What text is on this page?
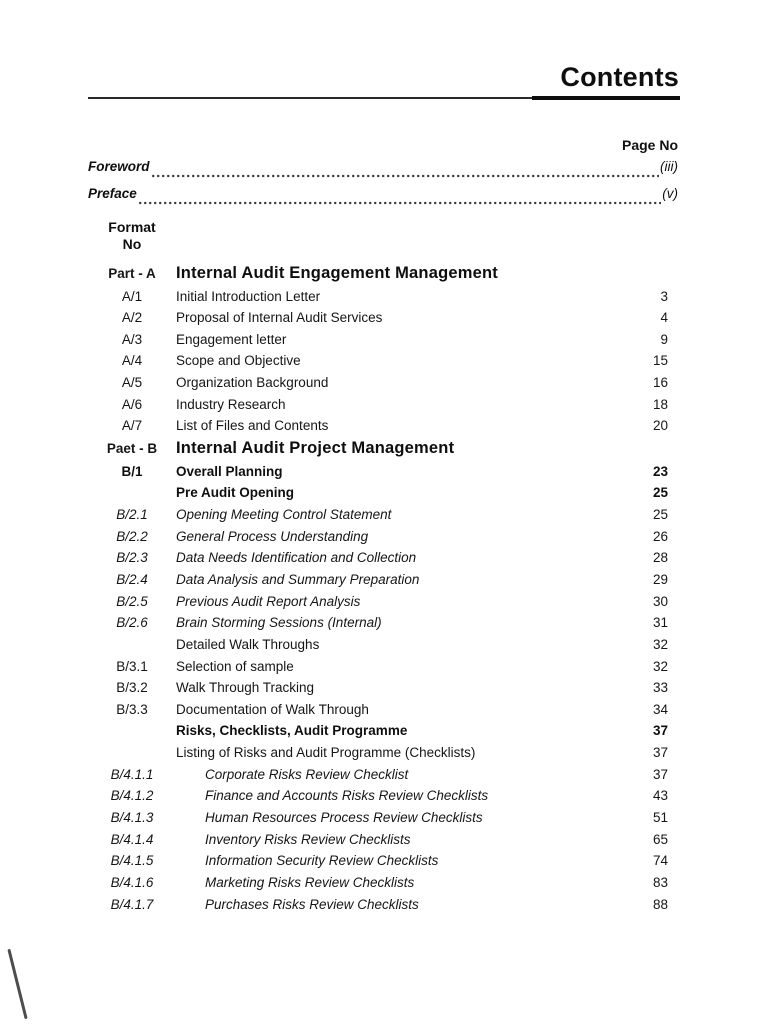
Contents
Page No
Foreword	(iii)
Preface	(v)
Format
No
Part - A	Internal Audit Engagement Management
A/1	Initial Introduction Letter	3
A/2	Proposal of Internal Audit Services	4
A/3	Engagement letter	9
A/4	Scope and Objective	15
A/5	Organization Background	16
A/6	Industry Research	18
A/7	List of Files and Contents	20
Paet - B	Internal Audit Project Management
B/1	Overall Planning	23
Pre Audit Opening	25
B/2.1	Opening Meeting Control Statement	25
B/2.2	General Process Understanding	26
B/2.3	Data Needs Identification and Collection	28
B/2.4	Data Analysis and Summary Preparation	29
B/2.5	Previous Audit Report Analysis	30
B/2.6	Brain Storming Sessions (Internal)	31
Detailed Walk Throughs	32
B/3.1	Selection of sample	32
B/3.2	Walk Through Tracking	33
B/3.3	Documentation of Walk Through	34
Risks, Checklists, Audit Programme	37
Listing of Risks and Audit Programme (Checklists)	37
B/4.1.1	Corporate Risks Review Checklist	37
B/4.1.2	Finance and Accounts Risks Review Checklists	43
B/4.1.3	Human Resources Process Review Checklists	51
B/4.1.4	Inventory Risks Review Checklists	65
B/4.1.5	Information Security Review Checklists	74
B/4.1.6	Marketing Risks Review Checklists	83
B/4.1.7	Purchases Risks Review Checklists	88
